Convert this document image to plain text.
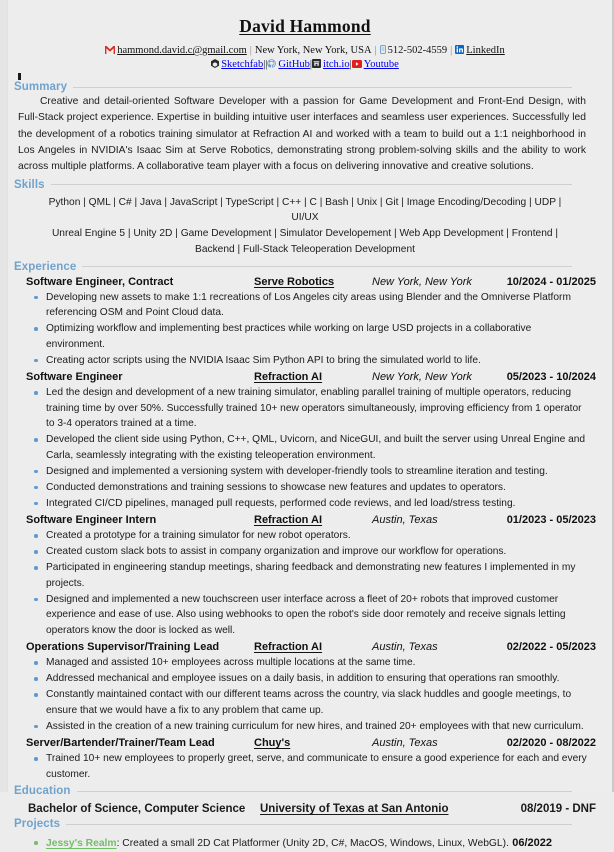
David Hammond
hammond.david.c@gmail.com | New York, New York, USA | 512-502-4559 | LinkedIn
Sketchfab|| GitHub| itch.io| Youtube
Summary

Creative and detail-oriented Software Developer with a passion for Game Development and Front-End Design, with Full-Stack project experience. Expertise in building intuitive user interfaces and seamless user experiences. Successfully led the development of a robotics training simulator at Refraction AI and worked with a team to build out a 1:1 neighborhood in Los Angeles in NVIDIA's Isaac Sim at Serve Robotics, demonstrating strong problem-solving skills and the ability to work across multiple platforms. A collaborative team player with a focus on delivering innovative and creative solutions.

Skills
Python | QML | C# | Java | JavaScript | TypeScript | C++ | C | Bash | Unix | Git | Image Encoding/Decoding | UDP | UI/UX
Unreal Engine 5 | Unity 2D | Game Development | Simulator Developement | Web App Development | Frontend | Backend | Full-Stack Teleoperation Development
Experience
Software Engineer, Contract	Serve Robotics	New York, New York	10/2024 - 01/2025
Developing new assets to make 1:1 recreations of Los Angeles city areas using Blender and the Omniverse Platform referencing OSM and Point Cloud data.
Optimizing workflow and implementing best practices while working on large USD projects in a collaborative environment.
Creating actor scripts using the NVIDIA Isaac Sim Python API to bring the simulated world to life.
Software Engineer	Refraction AI	New York, New York	05/2023 - 10/2024
Led the design and development of a new training simulator, enabling parallel training of multiple operators, reducing training time by over 50%. Successfully trained 10+ new operators simultaneously, improving efficiency from 1 operator to 3-4 operators trained at a time.
Developed the client side using Python, C++, QML, Uvicorn, and NiceGUI, and built the server using Unreal Engine and Carla, seamlessly integrating with the existing teleoperation environment.
Designed and implemented a versioning system with developer-friendly tools to streamline iteration and testing.
Conducted demonstrations and training sessions to showcase new features and updates to operators.
Integrated CI/CD pipelines, managed pull requests, performed code reviews, and led load/stress testing.
Software Engineer Intern	Refraction AI	Austin, Texas	01/2023 - 05/2023
Created a prototype for a training simulator for new robot operators.
Created custom slack bots to assist in company organization and improve our workflow for operations.
Participated in engineering standup meetings, sharing feedback and demonstrating new features I implemented in my projects.
Designed and implemented a new touchscreen user interface across a fleet of 20+ robots that improved customer experience and ease of use. Also using webhooks to open the robot's side door remotely and receive signals letting operators know the door is locked as well.
Operations Supervisor/Training Lead	Refraction AI	Austin, Texas	02/2022 - 05/2023
Managed and assisted 10+ employees across multiple locations at the same time.
Addressed mechanical and employee issues on a daily basis, in addition to ensuring that operations ran smoothly.
Constantly maintained contact with our different teams across the country, via slack huddles and google meetings, to ensure that we would have a fix to any problem that came up.
Assisted in the creation of a new training curriculum for new hires, and trained 20+ employees with that new curriculum.
Server/Bartender/Trainer/Team Lead	Chuy's	Austin, Texas	02/2020 - 08/2022
Trained 10+ new employees to properly greet, serve, and communicate to ensure a good experience for each and every customer.
Education
Bachelor of Science, Computer Science	University of Texas at San Antonio	08/2019 - DNF
Projects
Jessy's Realm : Created a small 2D Cat Platformer (Unity 2D, C#, MacOS, Windows, Linux, WebGL). 06/2022
